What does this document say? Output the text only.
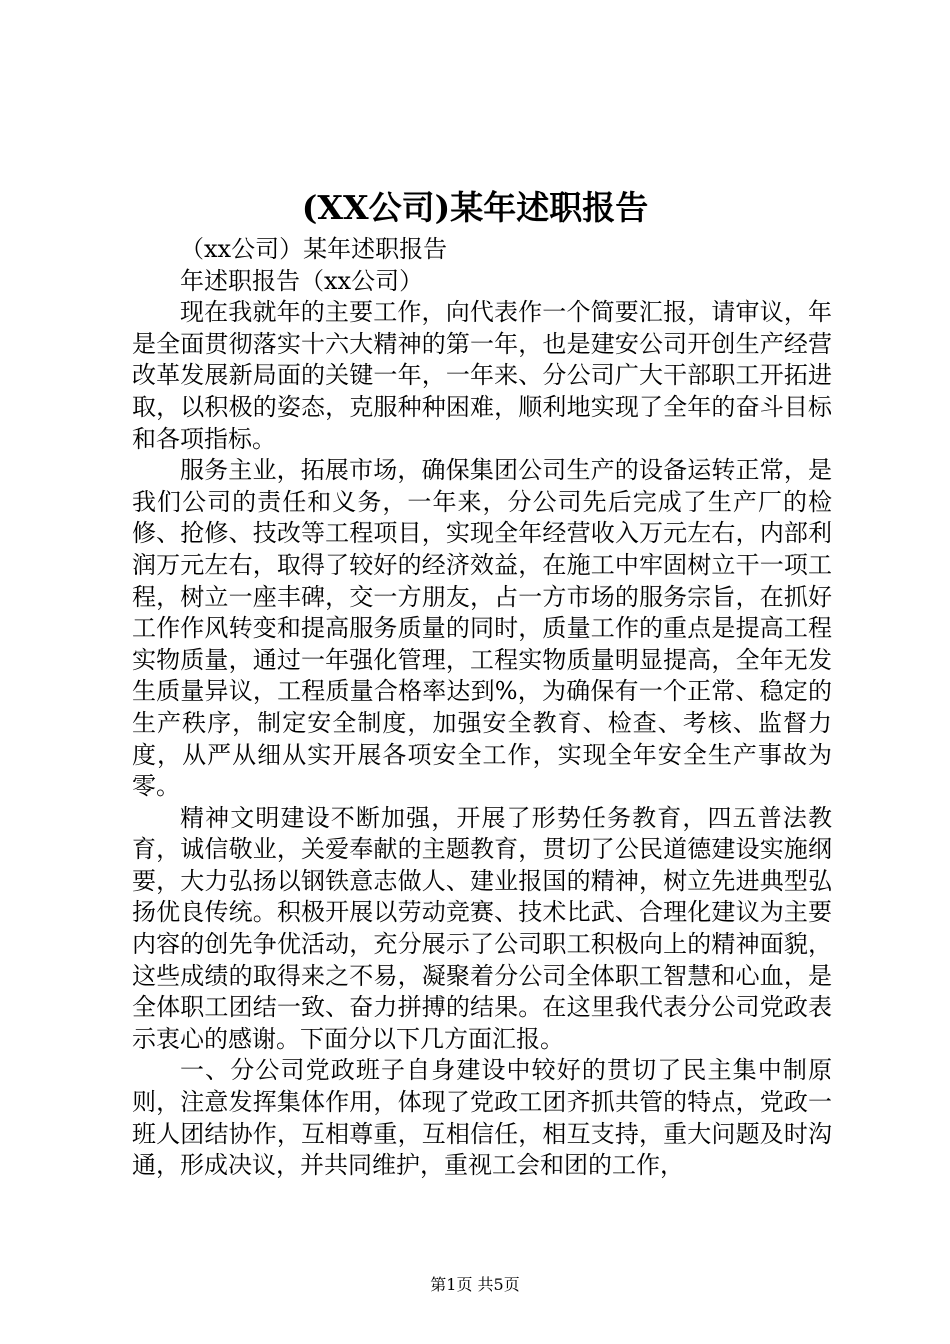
(XX公司)某年述职报告

（xx公司）某年述职报告

年述职报告（xx公司）

现在我就年的主要工作，向代表作一个简要汇报，请审议，年是全面贯彻落实十六大精神的第一年，也是建安公司开创生产经营改革发展新局面的关键一年，一年来、分公司广大干部职工开拓进取，以积极的姿态，克服种种困难，顺利地实现了全年的奋斗目标和各项指标。

服务主业，拓展市场，确保集团公司生产的设备运转正常，是我们公司的责任和义务，一年来，分公司先后完成了生产厂的检修、抢修、技改等工程项目，实现全年经营收入万元左右，内部利润万元左右，取得了较好的经济效益，在施工中牢固树立干一项工程，树立一座丰碑，交一方朋友，占一方市场的服务宗旨，在抓好工作作风转变和提高服务质量的同时，质量工作的重点是提高工程实物质量，通过一年强化管理，工程实物质量明显提高，全年无发生质量异议，工程质量合格率达到%，为确保有一个正常、稳定的生产秩序，制定安全制度，加强安全教育、检查、考核、监督力度，从严从细从实开展各项安全工作，实现全年安全生产事故为零。

精神文明建设不断加强，开展了形势任务教育，四五普法教育，诚信敬业，关爱奉献的主题教育，贯切了公民道德建设实施纲要，大力弘扬以钢铁意志做人、建业报国的精神，树立先进典型弘扬优良传统。积极开展以劳动竞赛、技术比武、合理化建议为主要内容的创先争优活动，充分展示了公司职工积极向上的精神面貌，这些成绩的取得来之不易，凝聚着分公司全体职工智慧和心血，是全体职工团结一致、奋力拼搏的结果。在这里我代表分公司党政表示衷心的感谢。下面分以下几方面汇报。

一、分公司党政班子自身建设中较好的贯切了民主集中制原则，注意发挥集体作用，体现了党政工团齐抓共管的特点，党政一班人团结协作，互相尊重，互相信任，相互支持，重大问题及时沟通，形成决议，并共同维护，重视工会和团的工作，

第1页 共5页
